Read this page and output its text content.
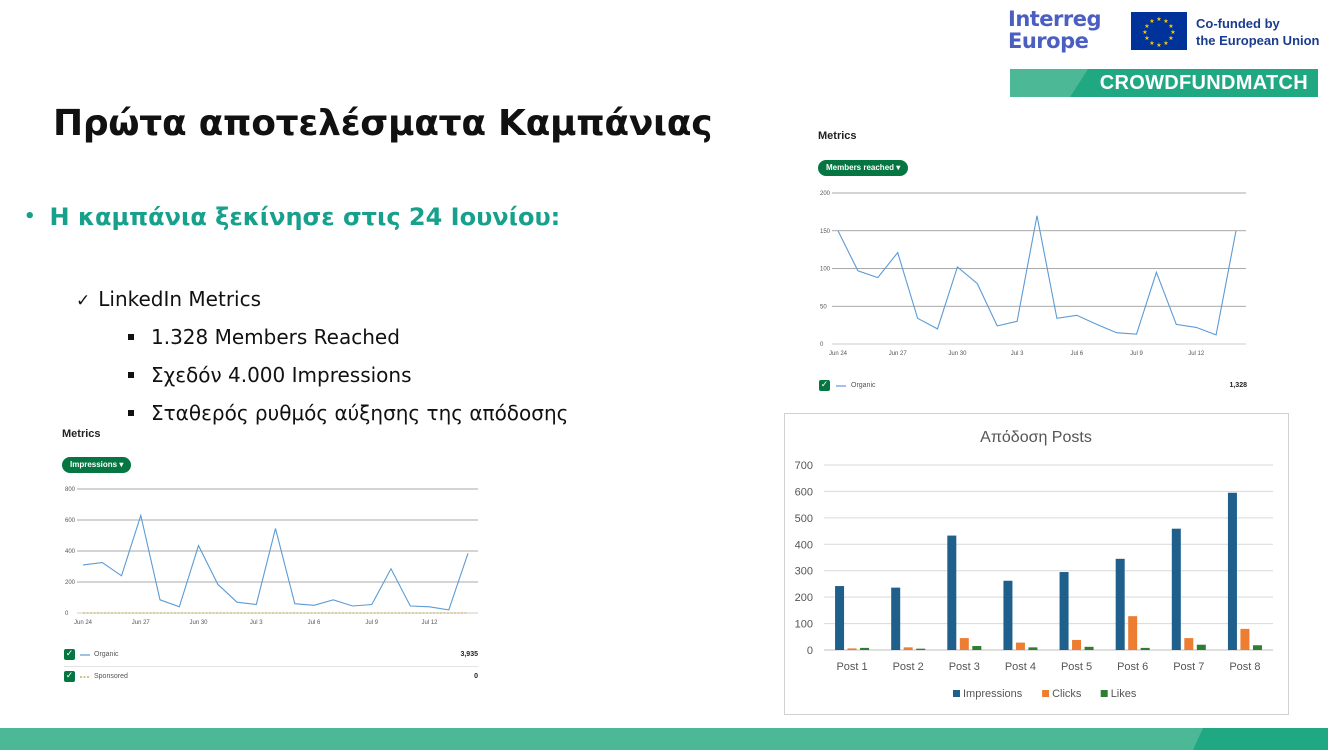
Interreg
Europe
★ ★
★
★
★
★
★
★
★
★
★
★	Co-funded by
the European Union
CROWDFUNDMATCH
Πρώτα αποτελέσματα Καμπάνιας
• Η καμπάνια ξεκίνησε στις 24 Ιουνίου:
✓ LinkedIn Metrics
1.328 Members Reached
Σχεδόν 4.000 Impressions
Σταθερός ρυθμός αύξησης της απόδοσης
Metrics
Members reached ▾
0
50
100
150
200
Jun 24	Jun 27	Jun 30	Jul 3	Jul 6	Jul 9	Jul 12
✓	Organic	1,328
Metrics
Impressions ▾
0
200
400
600
800
Jun 24	Jun 27	Jun 30	Jul 3	Jul 6	Jul 9	Jul 12
✓	Organic	3,935
✓	Sponsored	0
Απόδοση Posts
0
100
200
300
400
500
600
700
Post 1 Post 2 Post 3 Post 4 Post 5 Post 6 Post 7 Post 8
Impressions	Clicks	Likes
